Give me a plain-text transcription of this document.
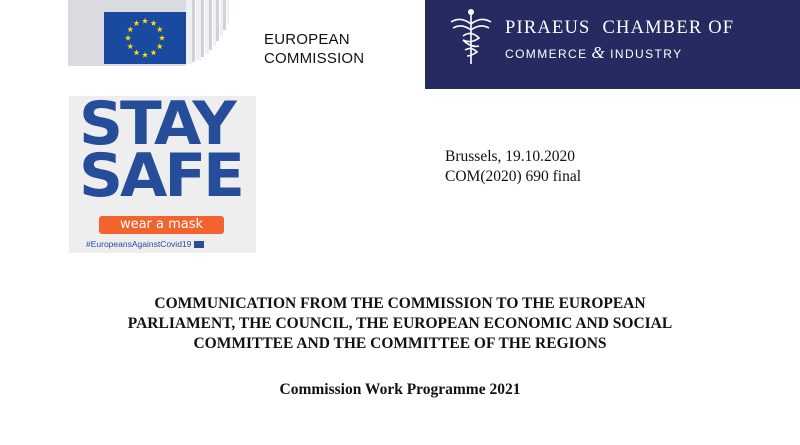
EUROPEAN
COMMISSION
PIRAEUS CHAMBER OF
COMMERCE & INDUSTRY
STAY
SAFE
wear a mask
#EuropeansAgainstCovid19
Brussels, 19.10.2020
COM(2020) 690 final
COMMUNICATION FROM THE COMMISSION TO THE EUROPEAN
PARLIAMENT, THE COUNCIL, THE EUROPEAN ECONOMIC AND SOCIAL
COMMITTEE AND THE COMMITTEE OF THE REGIONS
Commission Work Programme 2021
